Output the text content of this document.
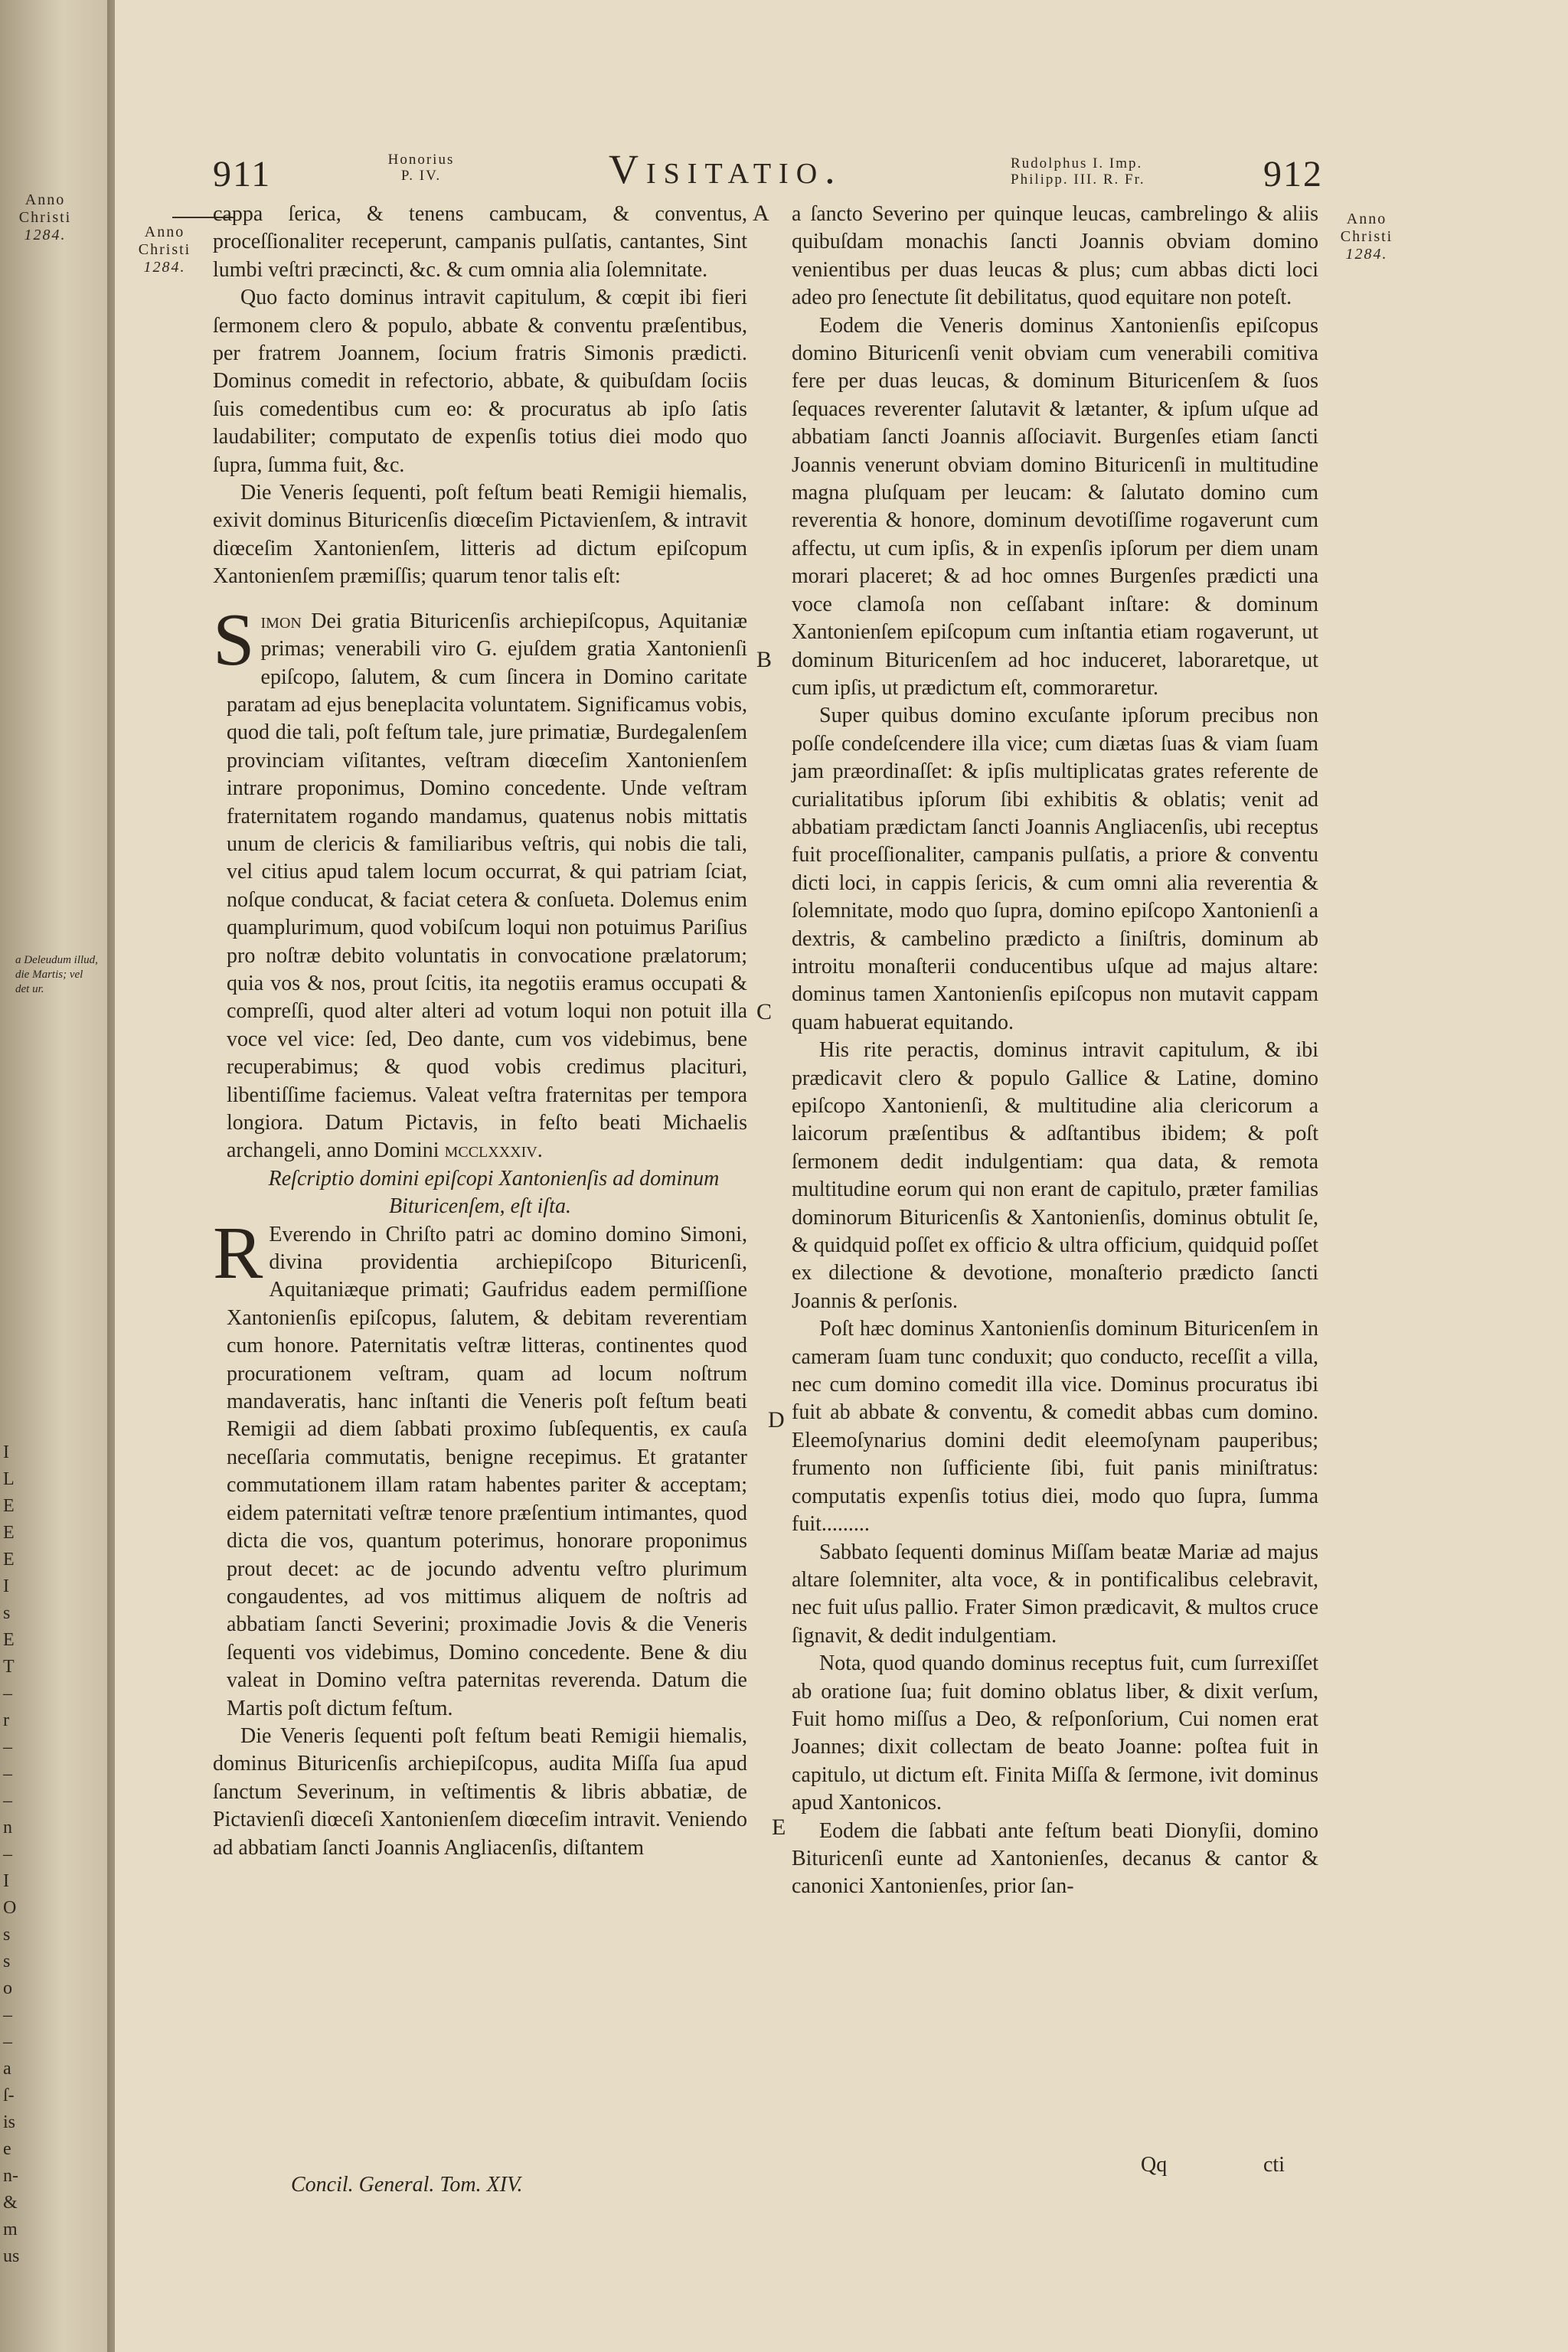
Anno
Christi
1284.
a Deleudum illud, die Martis; vel det ur.
I
L
E
E
E
I
s
E
T
–
r
–
–
–
n
–
I
O
s
s
o
–
–
a
ſ-
is
e
n-
&
m
us
911	Honorius
P. IV.	Visitatio.	Rudolphus I. Imp.
Philipp. III. R. Fr.	912
Anno
Christi
1284.
Anno
Christi
1284.
A
B
C
D
E

cappa ſerica, & tenens cambucam, & conventus, proceſſionaliter receperunt, campanis pulſatis, cantantes, Sint lumbi veſtri præcincti, &c. & cum omnia alia ſolemnitate.

Quo facto dominus intravit capitulum, & cœpit ibi fieri ſermonem clero & populo, abbate & conventu præſentibus, per fratrem Joannem, ſocium fratris Simonis prædicti. Dominus comedit in refectorio, abbate, & quibuſdam ſociis ſuis comedentibus cum eo: & procuratus ab ipſo ſatis laudabiliter; computato de expenſis totius diei modo quo ſupra, ſumma fuit, &c.

Die Veneris ſequenti, poſt feſtum beati Remigii hiemalis, exivit dominus Bituricenſis diœceſim Pictavienſem, & intravit diœceſim Xantonienſem, litteris ad dictum epiſcopum Xantonienſem præmiſſis; quarum tenor talis eſt:

S imon Dei gratia Bituricenſis archiepiſcopus, Aquitaniæ primas; venerabili viro G. ejuſdem gratia Xantonienſi epiſcopo, ſalutem, & cum ſincera in Domino caritate paratam ad ejus beneplacita voluntatem. Significamus vobis, quod die tali, poſt feſtum tale, jure primatiæ, Burdegalenſem provinciam viſitantes, veſtram diœceſim Xantonienſem intrare proponimus, Domino concedente. Unde veſtram fraternitatem rogando mandamus, quatenus nobis mittatis unum de clericis & familiaribus veſtris, qui nobis die tali, vel citius apud talem locum occurrat, & qui patriam ſciat, noſque conducat, & faciat cetera & conſueta. Dolemus enim quamplurimum, quod vobiſcum loqui non potuimus Pariſius pro noſtræ debito voluntatis in convocatione prælatorum; quia vos & nos, prout ſcitis, ita negotiis eramus occupati & compreſſi, quod alter alteri ad votum loqui non potuit illa voce vel vice: ſed, Deo dante, cum vos videbimus, bene recuperabimus; & quod vobis credimus placituri, libentiſſime faciemus. Valeat veſtra fraternitas per tempora longiora. Datum Pictavis, in feſto beati Michaelis archangeli, anno Domini mcclxxxiv.

Reſcriptio domini epiſcopi Xantonienſis ad dominum Bituricenſem, eſt iſta.

R Everendo in Chriſto patri ac domino domino Simoni, divina providentia archiepiſcopo Bituricenſi, Aquitaniæque primati; Gaufridus eadem permiſſione Xantonienſis epiſcopus, ſalutem, & debitam reverentiam cum honore. Paternitatis veſtræ litteras, continentes quod procurationem veſtram, quam ad locum noſtrum mandaveratis, hanc inſtanti die Veneris poſt feſtum beati Remigii ad diem ſabbati proximo ſubſequentis, ex cauſa neceſſaria commutatis, benigne recepimus. Et gratanter commutationem illam ratam habentes pariter & acceptam; eidem paternitati veſtræ tenore præſentium intimantes, quod dicta die vos, quantum poterimus, honorare proponimus prout decet: ac de jocundo adventu veſtro plurimum congaudentes, ad vos mittimus aliquem de noſtris ad abbatiam ſancti Severini; proximadie Jovis & die Veneris ſequenti vos videbimus, Domino concedente. Bene & diu valeat in Domino veſtra paternitas reverenda. Datum die Martis poſt dictum feſtum.

Die Veneris ſequenti poſt feſtum beati Remigii hiemalis, dominus Bituricenſis archiepiſcopus, audita Miſſa ſua apud ſanctum Severinum, in veſtimentis & libris abbatiæ, de Pictavienſi diœceſi Xantonienſem diœceſim intravit. Veniendo ad abbatiam ſancti Joannis Angliacenſis, diſtantem

a ſancto Severino per quinque leucas, cambrelingo & aliis quibuſdam monachis ſancti Joannis obviam domino venientibus per duas leucas & plus; cum abbas dicti loci adeo pro ſenectute ſit debilitatus, quod equitare non poteſt.

Eodem die Veneris dominus Xantonienſis epiſcopus domino Bituricenſi venit obviam cum venerabili comitiva fere per duas leucas, & dominum Bituricenſem & ſuos ſequaces reverenter ſalutavit & lætanter, & ipſum uſque ad abbatiam ſancti Joannis aſſociavit. Burgenſes etiam ſancti Joannis venerunt obviam domino Bituricenſi in multitudine magna pluſquam per leucam: & ſalutato domino cum reverentia & honore, dominum devotiſſime rogaverunt cum affectu, ut cum ipſis, & in expenſis ipſorum per diem unam morari placeret; & ad hoc omnes Burgenſes prædicti una voce clamoſa non ceſſabant inſtare: & dominum Xantonienſem epiſcopum cum inſtantia etiam rogaverunt, ut dominum Bituricenſem ad hoc induceret, laboraretque, ut cum ipſis, ut prædictum eſt, commoraretur.

Super quibus domino excuſante ipſorum precibus non poſſe condeſcendere illa vice; cum diætas ſuas & viam ſuam jam præordinaſſet: & ipſis multiplicatas grates referente de curialitatibus ipſorum ſibi exhibitis & oblatis; venit ad abbatiam prædictam ſancti Joannis Angliacenſis, ubi receptus fuit proceſſionaliter, campanis pulſatis, a priore & conventu dicti loci, in cappis ſericis, & cum omni alia reverentia & ſolemnitate, modo quo ſupra, domino epiſcopo Xantonienſi a dextris, & cambelino prædicto a ſiniſtris, dominum ab introitu monaſterii conducentibus uſque ad majus altare: dominus tamen Xantonienſis epiſcopus non mutavit cappam quam habuerat equitando.

His rite peractis, dominus intravit capitulum, & ibi prædicavit clero & populo Gallice & Latine, domino epiſcopo Xantonienſi, & multitudine alia clericorum a laicorum præſentibus & adſtantibus ibidem; & poſt ſermonem dedit indulgentiam: qua data, & remota multitudine eorum qui non erant de capitulo, præter familias dominorum Bituricenſis & Xantonienſis, dominus obtulit ſe, & quidquid poſſet ex officio & ultra officium, quidquid poſſet ex dilectione & devotione, monaſterio prædicto ſancti Joannis & perſonis.

Poſt hæc dominus Xantonienſis dominum Bituricenſem in cameram ſuam tunc conduxit; quo conducto, receſſit a villa, nec cum domino comedit illa vice. Dominus procuratus ibi fuit ab abbate & conventu, & comedit abbas cum domino. Eleemoſynarius domini dedit eleemoſynam pauperibus; frumento non ſufficiente ſibi, fuit panis miniſtratus: computatis expenſis totius diei, modo quo ſupra, ſumma fuit.........

Sabbato ſequenti dominus Miſſam beatæ Mariæ ad majus altare ſolemniter, alta voce, & in pontificalibus celebravit, nec fuit uſus pallio. Frater Simon prædicavit, & multos cruce ſignavit, & dedit indulgentiam.

Nota, quod quando dominus receptus fuit, cum ſurrexiſſet ab oratione ſua; fuit domino oblatus liber, & dixit verſum, Fuit homo miſſus a Deo, & reſponſorium, Cui nomen erat Joannes; dixit collectam de beato Joanne: poſtea fuit in capitulo, ut dictum eſt. Finita Miſſa & ſermone, ivit dominus apud Xantonicos.

Eodem die ſabbati ante feſtum beati Dionyſii, domino Bituricenſi eunte ad Xantonienſes, decanus & cantor & canonici Xantonienſes, prior ſan-

Concil. General. Tom. XIV.
Qq	cti
